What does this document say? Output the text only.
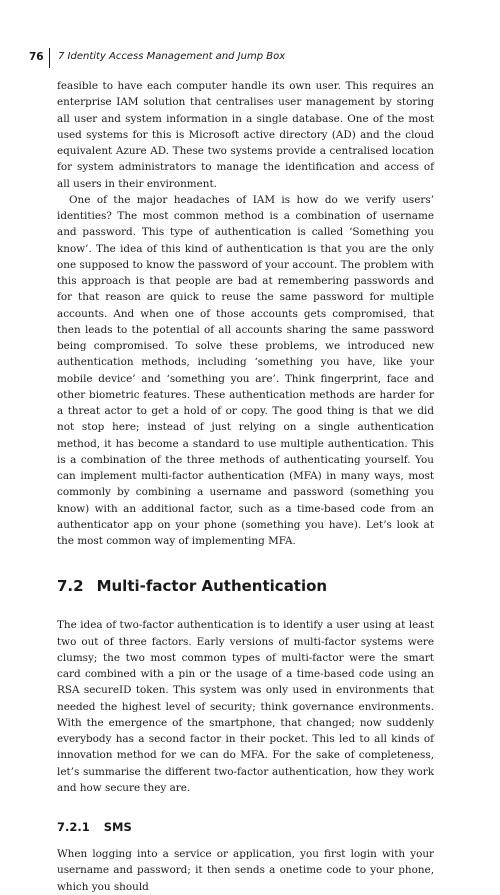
76 7 Identity Access Management and Jump Box

feasible to have each computer handle its own user. This requires an enterprise IAM solution that centralises user management by storing all user and system information in a single database. One of the most used systems for this is Microsoft active directory (AD) and the cloud equivalent Azure AD. These two systems provide a centralised location for system administrators to manage the identification and access of all users in their environment.

One of the major headaches of IAM is how do we verify users’ identities? The most common method is a combination of username and password. This type of authentication is called ‘Something you know’. The idea of this kind of authentication is that you are the only one supposed to know the password of your account. The problem with this approach is that people are bad at remembering passwords and for that reason are quick to reuse the same password for multiple accounts. And when one of those accounts gets compromised, that then leads to the potential of all accounts sharing the same password being compromised. To solve these problems, we introduced new authentication methods, including ‘something you have, like your mobile device’ and ‘something you are’. Think fingerprint, face and other biometric features. These authentication methods are harder for a threat actor to get a hold of or copy. The good thing is that we did not stop here; instead of just relying on a single authentication method, it has become a standard to use multiple authentication. This is a combination of the three methods of authenticating yourself. You can implement multi-factor authentication (MFA) in many ways, most commonly by combining a username and password (something you know) with an additional factor, such as a time-based code from an authenticator app on your phone (something you have). Let’s look at the most common way of implementing MFA.

7.2 Multi-factor Authentication

The idea of two-factor authentication is to identify a user using at least two out of three factors. Early versions of multi-factor systems were clumsy; the two most common types of multi-factor were the smart card combined with a pin or the usage of a time-based code using an RSA secureID token. This system was only used in environments that needed the highest level of security; think governance environments. With the emergence of the smartphone, that changed; now suddenly everybody has a second factor in their pocket. This led to all kinds of innovation method for we can do MFA. For the sake of completeness, let’s summarise the different two-factor authentication, how they work and how secure they are.

7.2.1 SMS

When logging into a service or application, you first login with your username and password; it then sends a onetime code to your phone, which you should
